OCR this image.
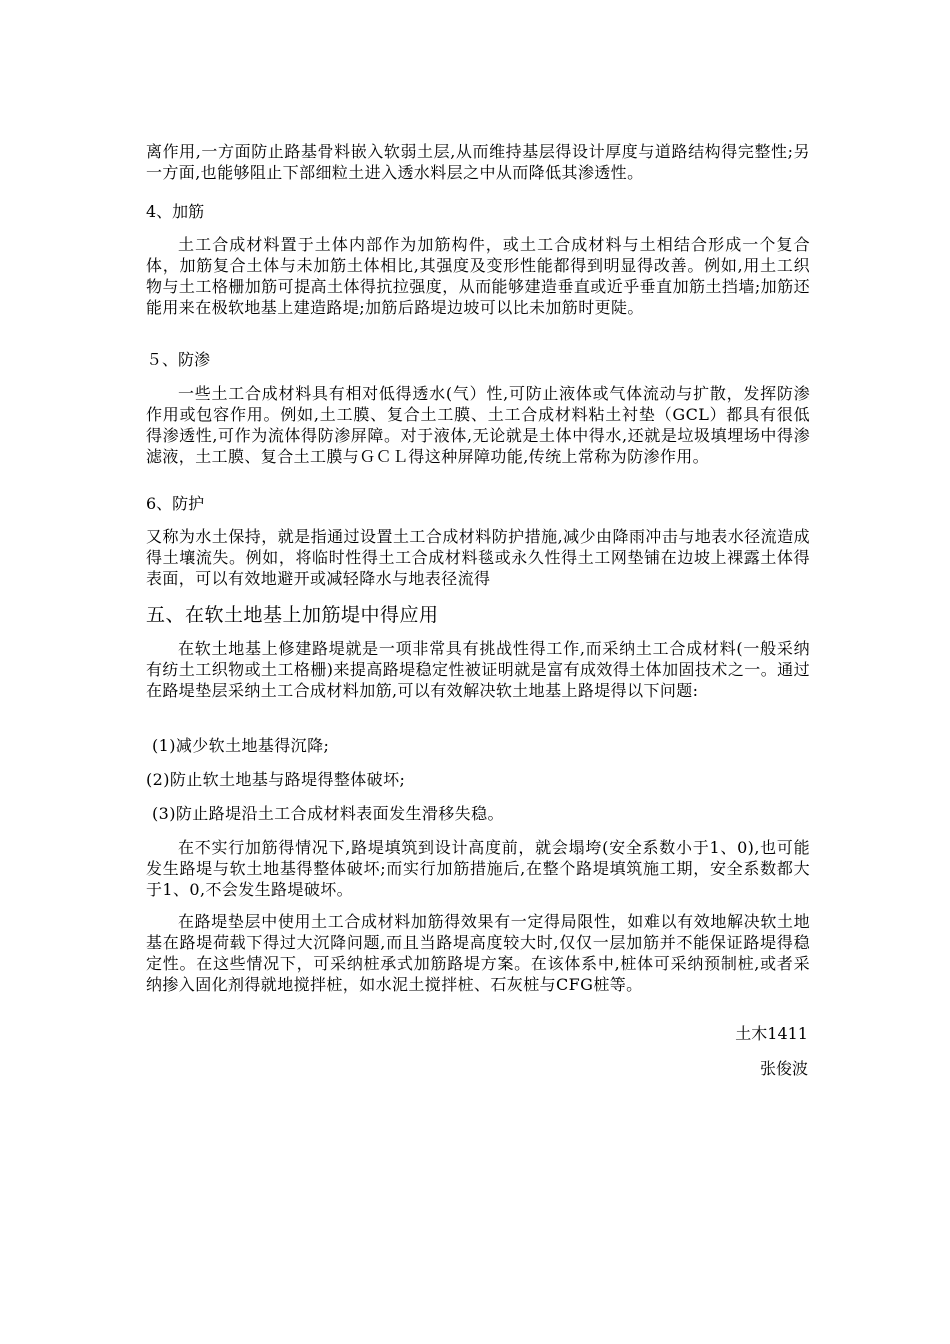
离作用,一方面防止路基骨料嵌入软弱土层,从而维持基层得设计厚度与道路结构得完整性;另一方面,也能够阻止下部细粒土进入透水料层之中从而降低其渗透性。

4、加筋

土工合成材料置于土体内部作为加筋构件，或土工合成材料与土相结合形成一个复合体，加筋复合土体与未加筋土体相比,其强度及变形性能都得到明显得改善。例如,用土工织物与土工格栅加筋可提高土体得抗拉强度，从而能够建造垂直或近乎垂直加筋土挡墙;加筋还能用来在极软地基上建造路堤;加筋后路堤边坡可以比未加筋时更陡。

５、防渗

一些土工合成材料具有相对低得透水(气）性,可防止液体或气体流动与扩散，发挥防渗作用或包容作用。例如,土工膜、复合土工膜、土工合成材料粘土衬垫（GCL）都具有很低得渗透性,可作为流体得防渗屏障。对于液体,无论就是土体中得水,还就是垃圾填埋场中得渗滤液，土工膜、复合土工膜与ＧＣＬ得这种屏障功能,传统上常称为防渗作用。

6、防护

又称为水土保持，就是指通过设置土工合成材料防护措施,减少由降雨冲击与地表水径流造成得土壤流失。例如，将临时性得土工合成材料毯或永久性得土工网垫铺在边坡上裸露土体得表面，可以有效地避开或减轻降水与地表径流得

五、在软土地基上加筋堤中得应用

在软土地基上修建路堤就是一项非常具有挑战性得工作,而采纳土工合成材料(一般采纳有纺土工织物或土工格栅)来提高路堤稳定性被证明就是富有成效得土体加固技术之一。通过在路堤垫层采纳土工合成材料加筋,可以有效解决软土地基上路堤得以下问题:

(1)减少软土地基得沉降;
(2)防止软土地基与路堤得整体破坏;
(3)防止路堤沿土工合成材料表面发生滑移失稳。

在不实行加筋得情况下,路堤填筑到设计高度前，就会塌垮(安全系数小于1、0),也可能发生路堤与软土地基得整体破坏;而实行加筋措施后,在整个路堤填筑施工期，安全系数都大于1、0,不会发生路堤破坏。

在路堤垫层中使用土工合成材料加筋得效果有一定得局限性，如难以有效地解决软土地基在路堤荷载下得过大沉降问题,而且当路堤高度较大时,仅仅一层加筋并不能保证路堤得稳定性。在这些情况下，可采纳桩承式加筋路堤方案。在该体系中,桩体可采纳预制桩,或者采纳掺入固化剂得就地搅拌桩，如水泥土搅拌桩、石灰桩与CFG桩等。

土木1411
张俊波
